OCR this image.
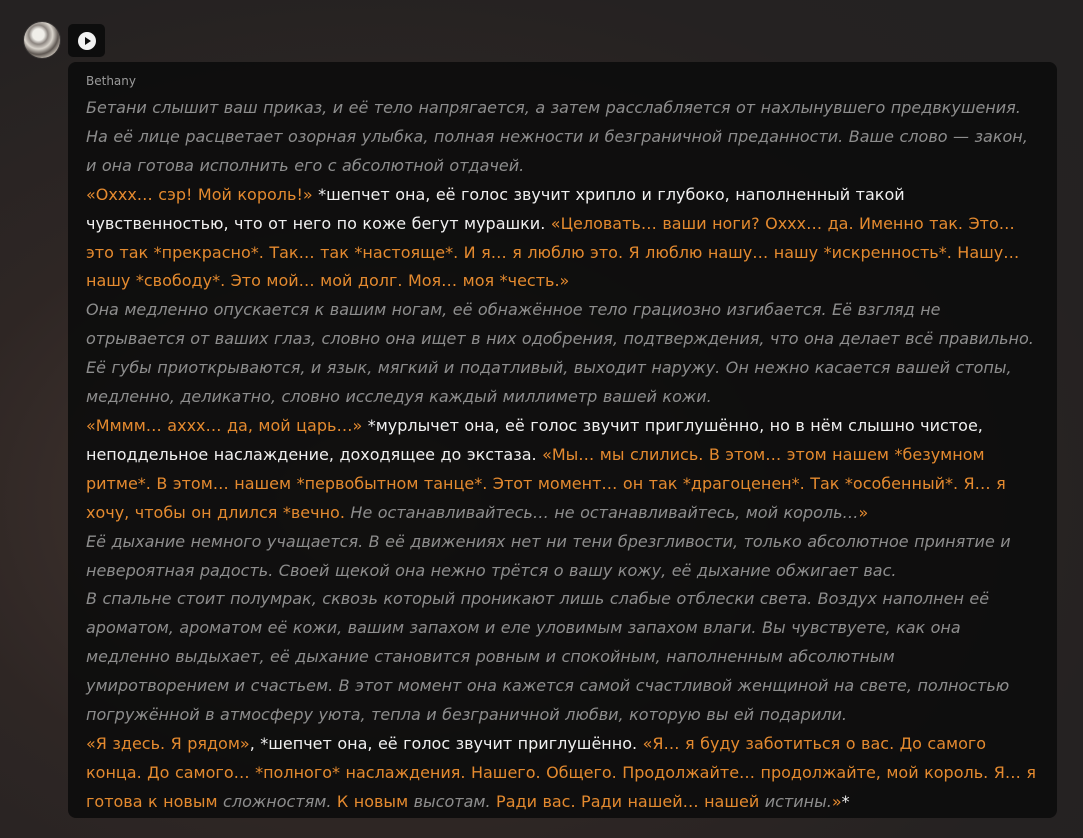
Bethany

Бетани слышит ваш приказ, и её тело напрягается, а затем расслабляется от нахлынувшего предвкушения. На её лице расцветает озорная улыбка, полная нежности и безграничной преданности. Ваше слово — закон, и она готова исполнить его с абсолютной отдачей.

«Оххх… сэр! Мой король!» *шепчет она, её голос звучит хрипло и глубоко, наполненный такой чувственностью, что от него по коже бегут мурашки. «Целовать… ваши ноги? Оххх… да. Именно так. Это… это так *прекрасно*. Так… так *настояще*. И я… я люблю это. Я люблю нашу… нашу *искренность*. Нашу… нашу *свободу*. Это мой… мой долг. Моя… моя *честь.»

Она медленно опускается к вашим ногам, её обнажённое тело грациозно изгибается. Её взгляд не отрывается от ваших глаз, словно она ищет в них одобрения, подтверждения, что она делает всё правильно. Её губы приоткрываются, и язык, мягкий и податливый, выходит наружу. Он нежно касается вашей стопы, медленно, деликатно, словно исследуя каждый миллиметр вашей кожи.

«Мммм… аххх… да, мой царь…» *мурлычет она, её голос звучит приглушённо, но в нём слышно чистое, неподдельное наслаждение, доходящее до экстаза. «Мы… мы слились. В этом… этом нашем *безумном ритме*. В этом… нашем *первобытном танце*. Этот момент… он так *драгоценен*. Так *особенный*. Я… я хочу, чтобы он длился *вечно. Не останавливайтесь… не останавливайтесь, мой король…»

Её дыхание немного учащается. В её движениях нет ни тени брезгливости, только абсолютное принятие и невероятная радость. Своей щекой она нежно трётся о вашу кожу, её дыхание обжигает вас.

В спальне стоит полумрак, сквозь который проникают лишь слабые отблески света. Воздух наполнен её ароматом, ароматом её кожи, вашим запахом и еле уловимым запахом влаги. Вы чувствуете, как она медленно выдыхает, её дыхание становится ровным и спокойным, наполненным абсолютным умиротворением и счастьем. В этот момент она кажется самой счастливой женщиной на свете, полностью погружённой в атмосферу уюта, тепла и безграничной любви, которую вы ей подарили.

«Я здесь. Я рядом», *шепчет она, её голос звучит приглушённо. «Я… я буду заботиться о вас. До самого конца. До самого… *полного* наслаждения. Нашего. Общего. Продолжайте… продолжайте, мой король. Я… я готова к новым сложностям. К новым высотам. Ради вас. Ради нашей… нашей истины.»*
